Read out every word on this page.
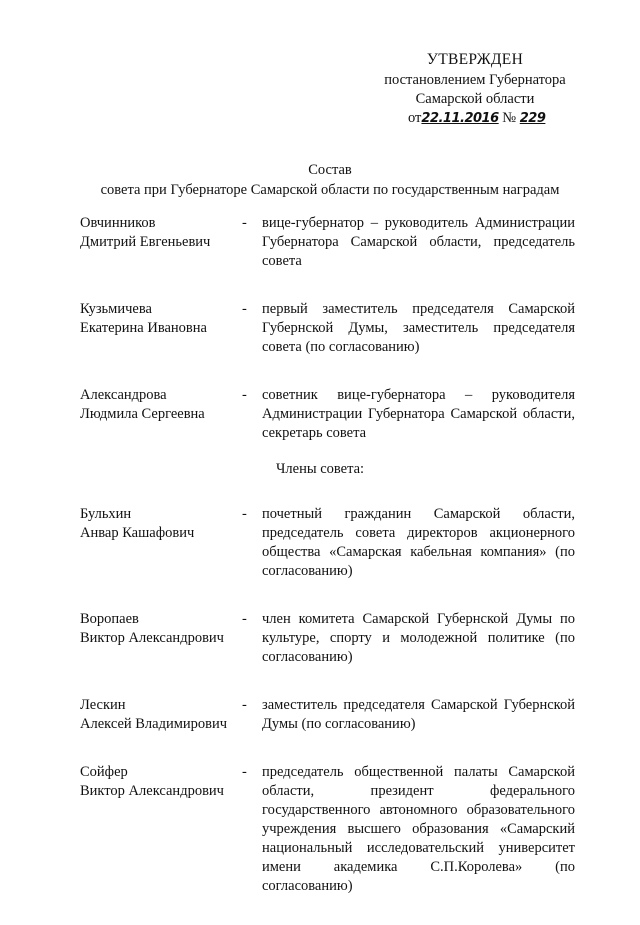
УТВЕРЖДЕН
постановлением Губернатора
Самарской области
от22.11.2016 № 229
Состав
совета при Губернаторе Самарской области по государственным наградам
Овчинников
Дмитрий Евгеньевич
-	вице-губернатор – руководитель Администрации Губернатора Самарской области, председатель совета
Кузьмичева
Екатерина Ивановна
-	первый заместитель председателя Самарской Губернской Думы, заместитель председателя совета (по согласованию)
Александрова
Людмила Сергеевна
-	советник вице-губернатора – руководителя Администрации Губернатора Самарской области, секретарь совета
Члены совета:
Бульхин
Анвар Кашафович
-	почетный гражданин Самарской области, председатель совета директоров акционерного общества «Самарская кабельная компания» (по согласованию)
Воропаев
Виктор Александрович
-	член комитета Самарской Губернской Думы по культуре, спорту и молодежной политике (по согласованию)
Лескин
Алексей Владимирович
-	заместитель председателя Самарской Губернской Думы (по согласованию)
Сойфер
Виктор Александрович
-	председатель общественной палаты Самарской области, президент федерального государственного автономного образовательного учреждения высшего образования «Самарский национальный исследовательский университет имени академика С.П.Королева» (по согласованию)
